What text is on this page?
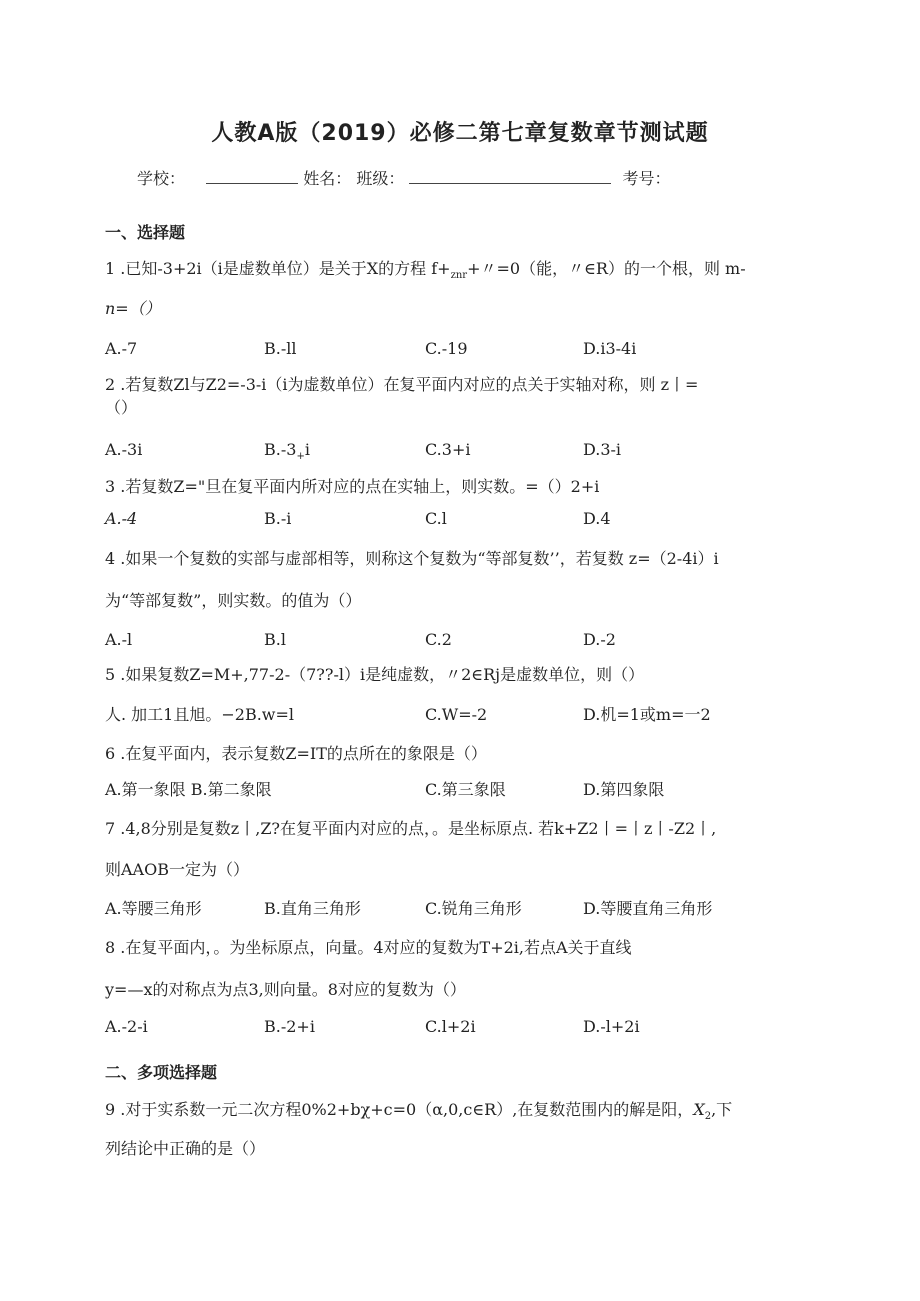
人教A版（2019）必修二第七章复数章节测试题
学校：	姓名： 班级：	考号：
一、选择题
1 .已知-3+2i（i是虚数单位）是关于X的方程 $f+_{znr}+$〃=0（能，〃∈R）的一个根，则 m-
n=（）
A.-7	B.-ll	C.-19	D.i3-4i
2 .若复数Zl与Z2=-3-i（i为虚数单位）在复平面内对应的点关于实轴对称，则 z丨=
（）
A.-3i	$B.-3_+i$	C.3+i	D.3-i
3 .若复数Z="旦在复平面内所对应的点在实轴上，则实数。=（）2+i
A.-4	B.-i	C.l	D.4
4 .如果一个复数的实部与虚部相等，则称这个复数为“等部复数’’，若复数 z=（2-4i）i
为“等部复数”，则实数。的值为（）
A.-l	B.l	C.2	D.-2
5 .如果复数Z=M+,77-2-（7??-l）i是纯虚数，〃2∈Rj是虚数单位，则（）
人. 加工1且旭。−2B.w=l	C.W=-2	D.机=1或m=一2
6 .在复平面内，表示复数Z=IT的点所在的象限是（）
A.第一象限 B.第二象限	C.第三象限	D.第四象限
7 .4,8分别是复数z丨,Z?在复平面内对应的点，。是坐标原点. 若k+Z2丨=丨z丨-Z2丨,
则AAOB一定为（）
A.等腰三角形	B.直角三角形	C.锐角三角形	D.等腰直角三角形
8 .在复平面内，。为坐标原点，向量。4对应的复数为T+2i,若点A关于直线
y=—x的对称点为点3,则向量。8对应的复数为（）
A.-2-i	B.-2+i	C.l+2i	D.-l+2i
二、多项选择题
9 .对于实系数一元二次方程0%2+bχ+c=0（α,0,c∈R）,在复数范围内的解是阳，$X_2$,下
列结论中正确的是（）
